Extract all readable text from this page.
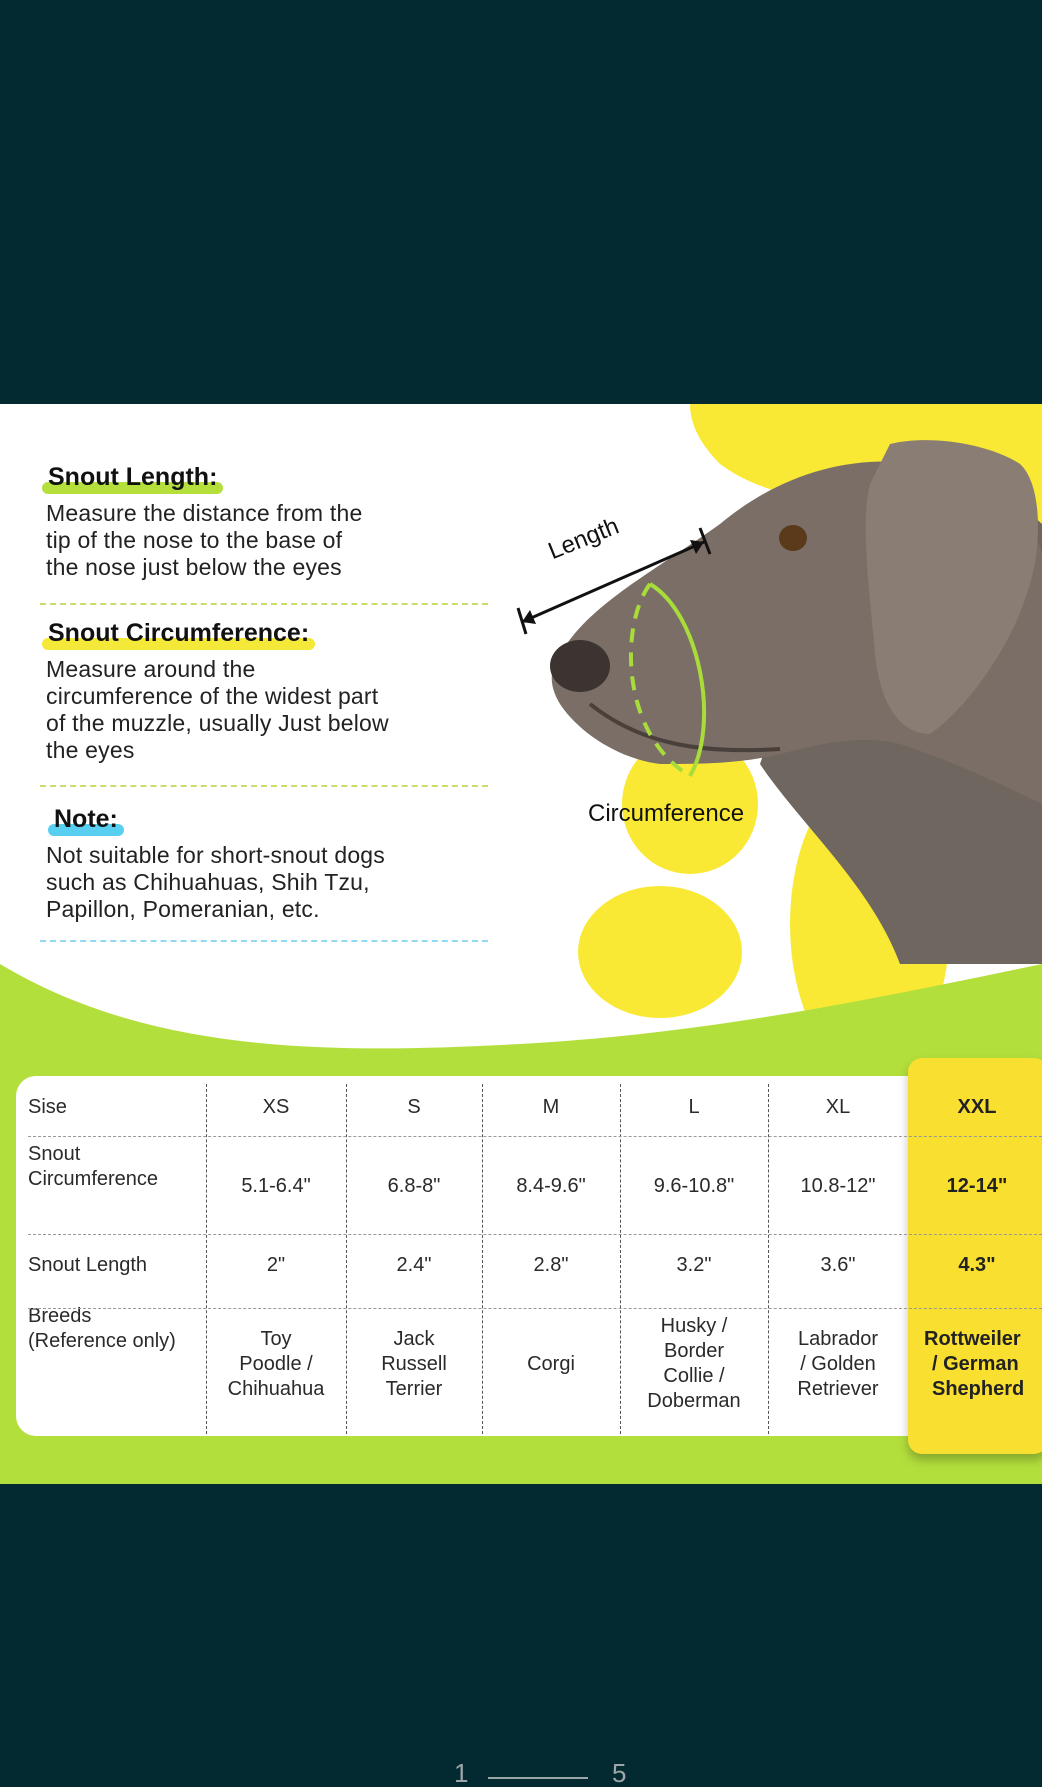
Snout Length:
Measure the distance from the
tip of the nose to the base of
the nose just below the eyes
Snout Circumference:
Measure around the
circumference of the widest part
of the muzzle, usually Just below
the eyes
Note:
Not suitable for short-snout dogs
such as Chihuahuas, Shih Tzu,
Papillon, Pomeranian, etc.
Length
Circumference
Sise
Snout
Circumference
Snout Length
Breeds
(Reference only)
XS
5.1-6.4"
2"
Toy
Poodle /
Chihuahua
S
6.8-8"
2.4"
Jack
Russell
Terrier
M
8.4-9.6"
2.8"
Corgi
L
9.6-10.8"
3.2"
Husky /
Border
Collie /
Doberman
XL
10.8-12"
3.6"
Labrador
/ Golden
Retriever
XXL
12-14"
4.3"
Rottweiler
/ German
Shepherd
1	5
